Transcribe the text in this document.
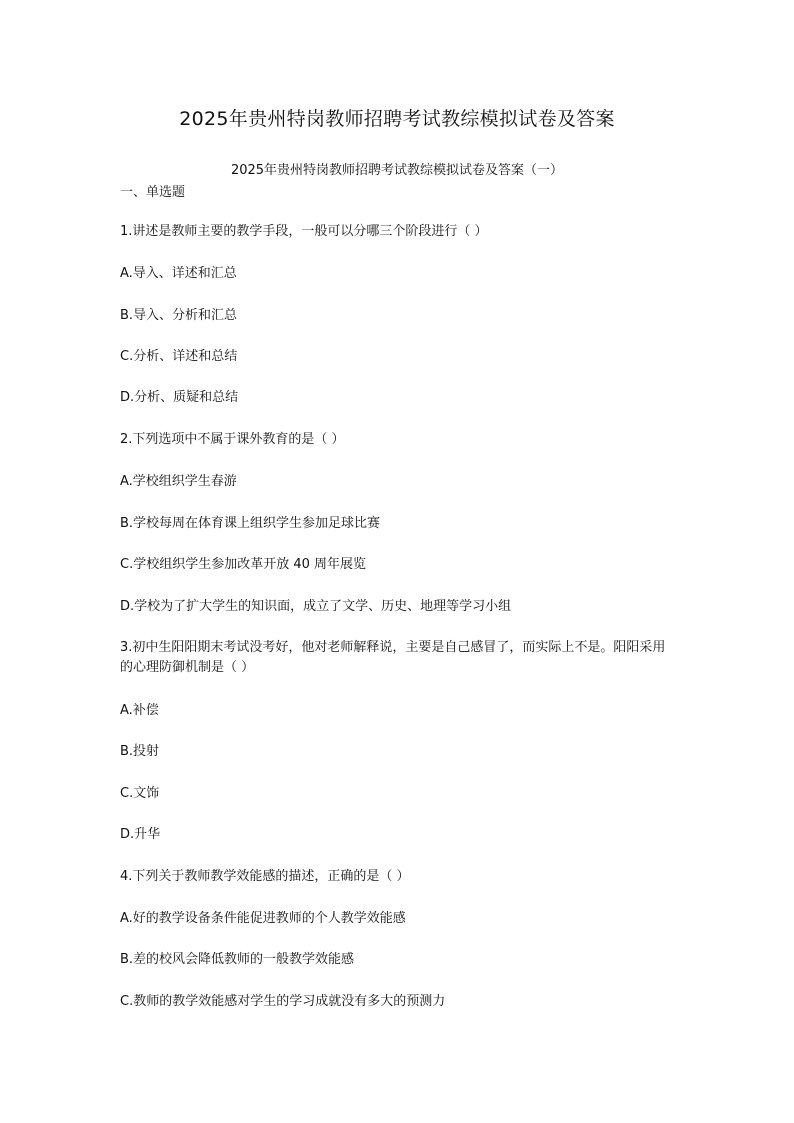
2025年贵州特岗教师招聘考试教综模拟试卷及答案
2025年贵州特岗教师招聘考试教综模拟试卷及答案（一）
一、单选题
1.讲述是教师主要的教学手段，一般可以分哪三个阶段进行（ ）
A.导入、详述和汇总
B.导入、分析和汇总
C.分析、详述和总结
D.分析、质疑和总结
2.下列选项中不属于课外教育的是（ ）
A.学校组织学生春游
B.学校每周在体育课上组织学生参加足球比赛
C.学校组织学生参加改革开放 40 周年展览
D.学校为了扩大学生的知识面，成立了文学、历史、地理等学习小组
3.初中生阳阳期末考试没考好，他对老师解释说，主要是自己感冒了，而实际上不是。阳阳采用的心理防御机制是（ ）
A.补偿
B.投射
C.文饰
D.升华
4.下列关于教师教学效能感的描述，正确的是（ ）
A.好的教学设备条件能促进教师的个人教学效能感
B.差的校风会降低教师的一般教学效能感
C.教师的教学效能感对学生的学习成就没有多大的预测力
